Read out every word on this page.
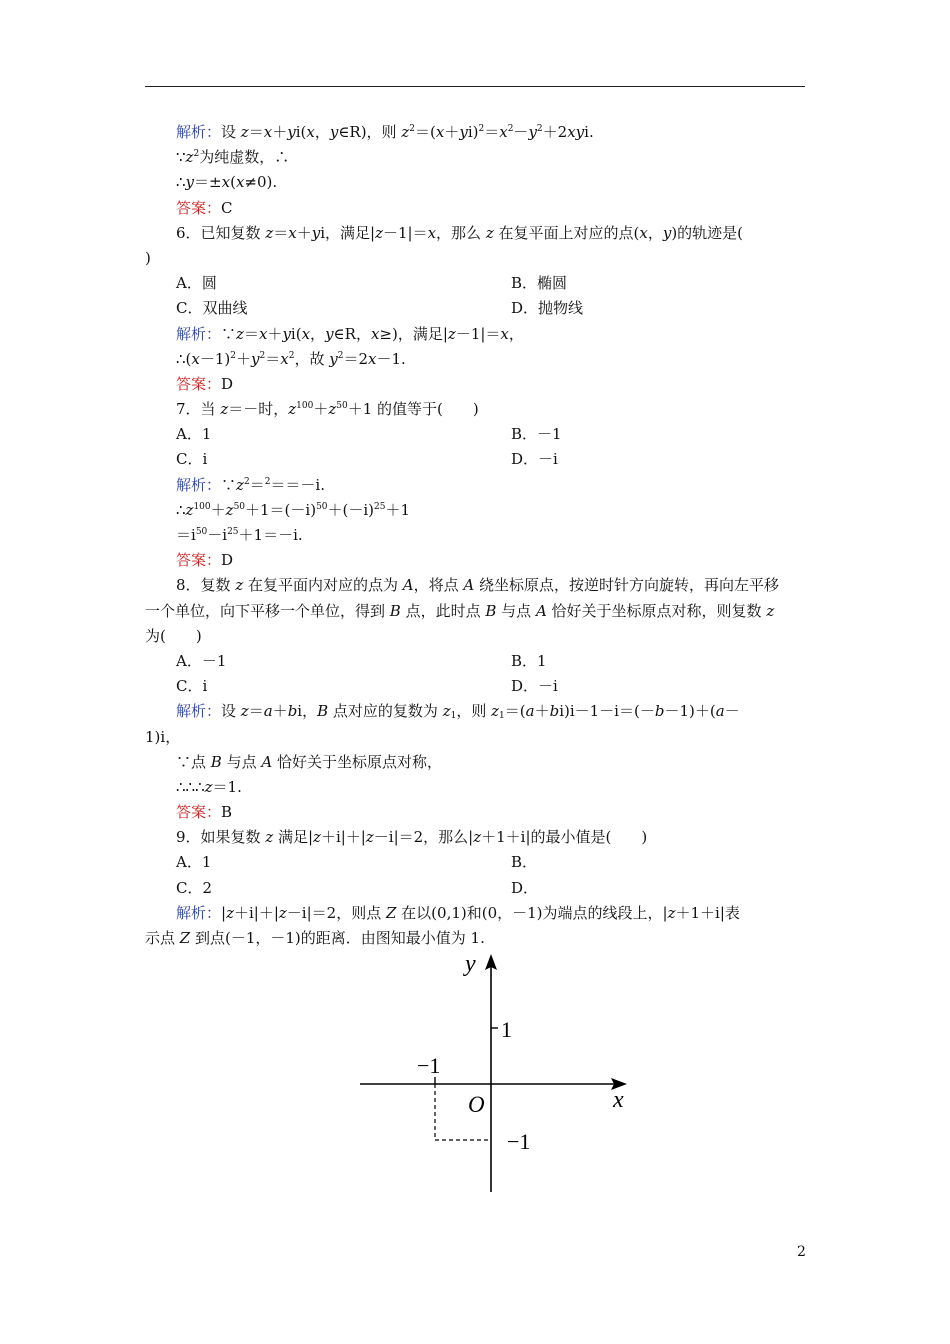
解析：设 z＝x＋yi(x，y∈R)，则 $z^2=(x+yi)^2=x^2-y^2+2xyi$.
$\because z^2$为纯虚数，∴
∴y＝±x(x≠0).
答案：C
6．已知复数 z＝x＋yi，满足|z－1|＝x，那么 z 在复平面上对应的点(x，y)的轨迹是(
)
A．圆	B．椭圆
C．双曲线	D．抛物线
解析：∵z＝x＋yi(x，y∈R，x≥)，满足|z－1|＝x，
$\therefore(x-1)^2+y^2=x^2$，故 $y^2=2x-1$.
答案：D
7．当 z＝－时，$z^{100}+z^{50}+1$ 的值等于(　　)
A．1	B．－1
C．i	D．－i
解析：$\because z^2=^2==-i$.
$\therefore z^{100}+z^{50}+1=(-i)^{50}+(-i)^{25}+1$
$=i^{50}-i^{25}+1=-i$.
答案：D
8．复数 z 在复平面内对应的点为 A，将点 A 绕坐标原点，按逆时针方向旋转，再向左平移
一个单位，向下平移一个单位，得到 B 点，此时点 B 与点 A 恰好关于坐标原点对称，则复数 z
为(　　)
A．－1	B．1
C．i	D．－i
解析：设 z＝a＋bi，B 点对应的复数为 $z_1$，则 $z_1=(a+bi)i-1-i=(-b-1)+(a-$
1)i，
∵点 B 与点 A 恰好关于坐标原点对称，
∴∴∴z＝1.
答案：B
9．如果复数 z 满足|z＋i|＋|z－i|＝2，那么|z＋1＋i|的最小值是(　　)
A．1	B．
C．2	D．
解析：|z＋i|＋|z－i|＝2，则点 Z 在以(0,1)和(0，－1)为端点的线段上，|z＋1＋i|表
示点 Z 到点(－1，－1)的距离．由图知最小值为 1.
y
x
O
1
−1
−1
2
